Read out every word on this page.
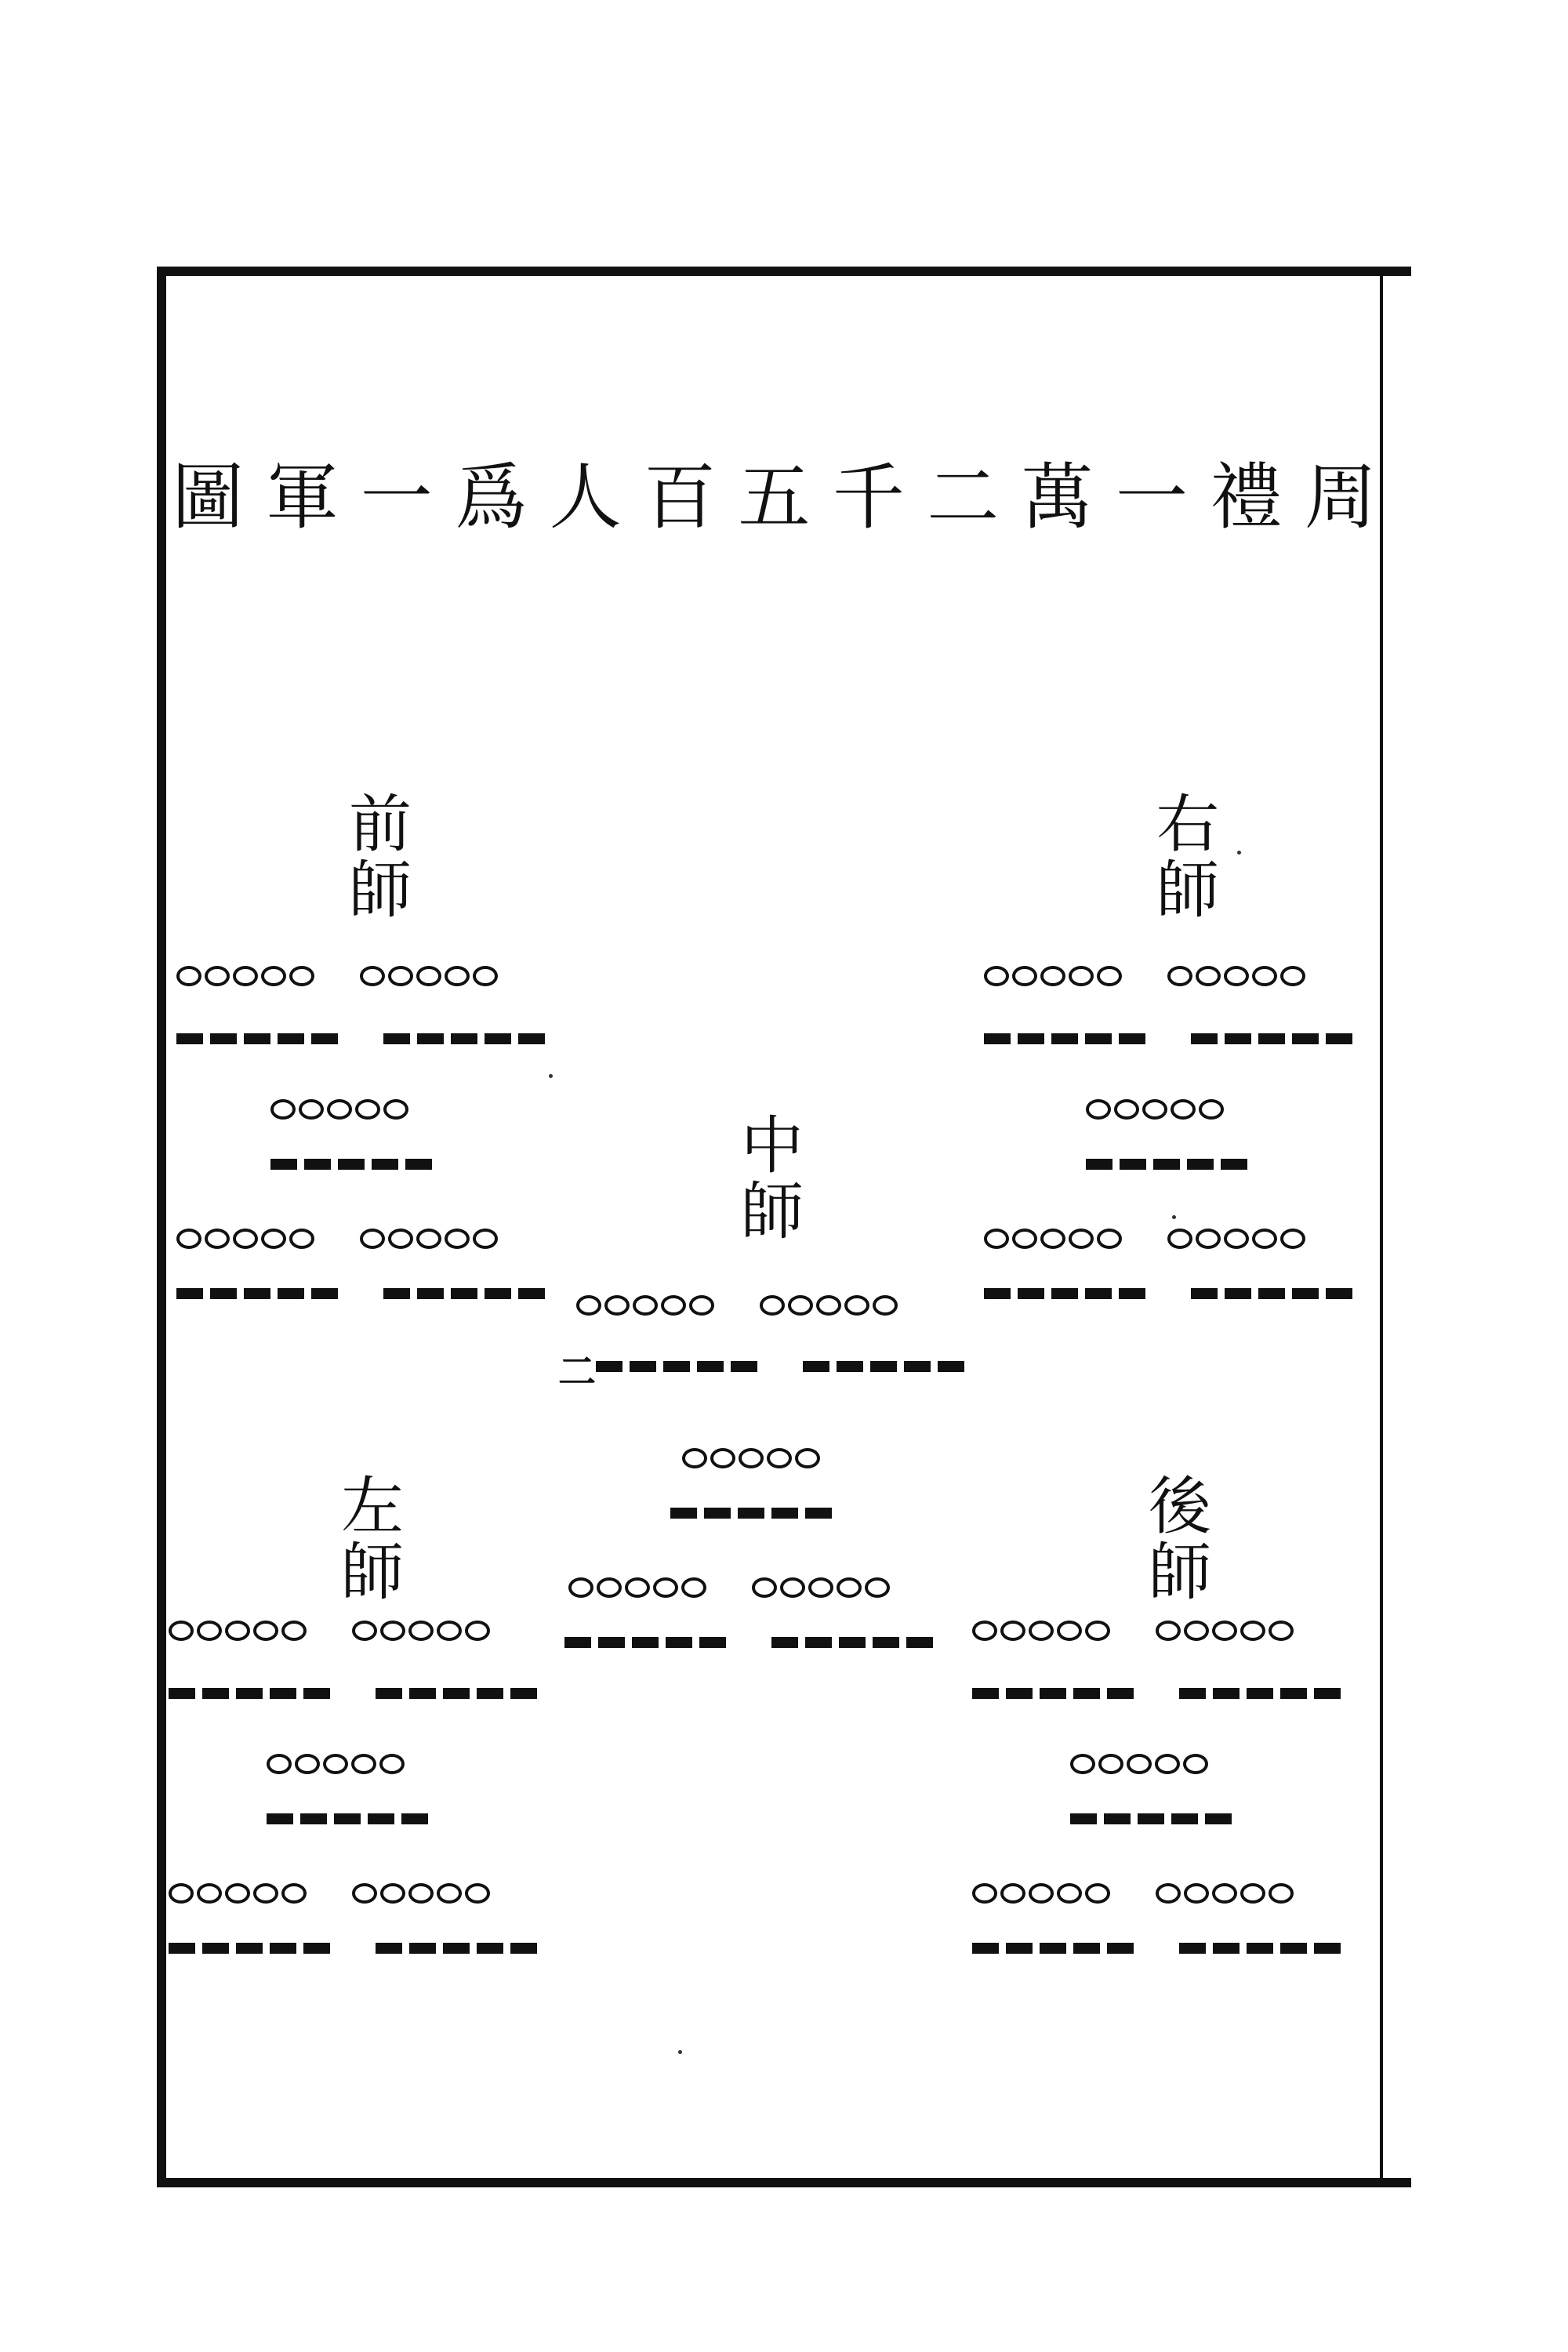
圖 軍 一 爲 人 百 五 千 二 萬 一 禮 周
前
師
右
師
中
師
左
師
後
師
二
